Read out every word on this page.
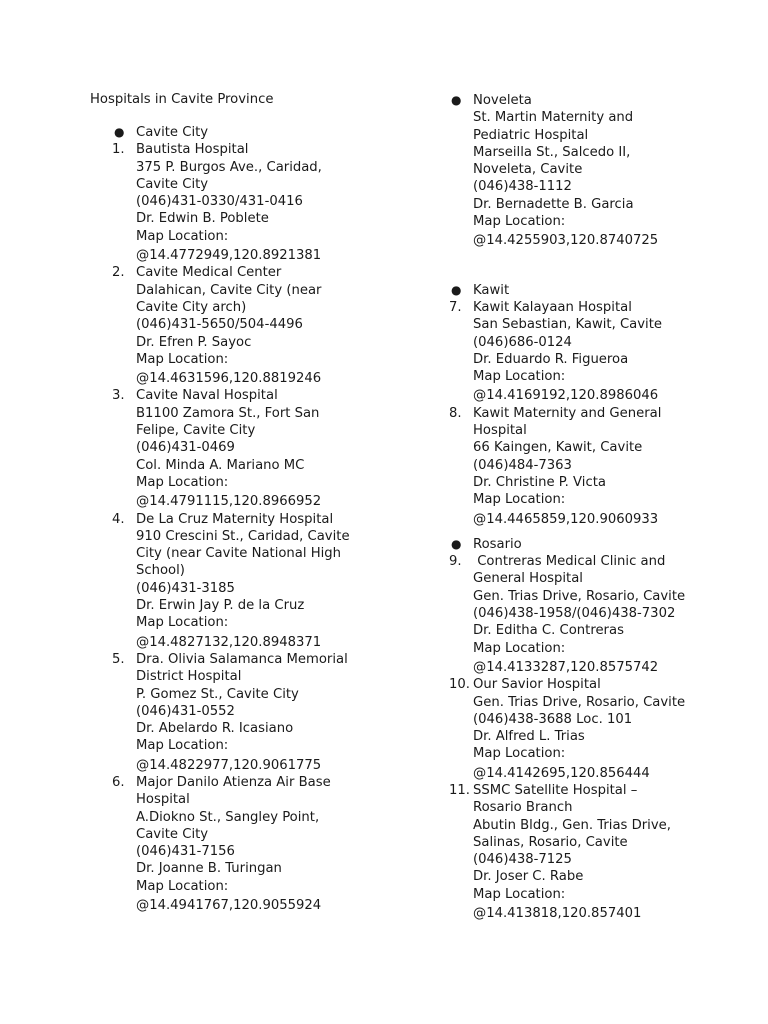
Hospitals in Cavite Province
● Cavite City
1. Bautista Hospital
375 P. Burgos Ave., Caridad,
Cavite City
(046)431-0330/431-0416
Dr. Edwin B. Poblete
Map Location:
@14.4772949,120.8921381
2. Cavite Medical Center
Dalahican, Cavite City (near
Cavite City arch)
(046)431-5650/504-4496
Dr. Efren P. Sayoc
Map Location:
@14.4631596,120.8819246
3. Cavite Naval Hospital
B1100 Zamora St., Fort San
Felipe, Cavite City
(046)431-0469
Col. Minda A. Mariano MC
Map Location:
@14.4791115,120.8966952
4. De La Cruz Maternity Hospital
910 Crescini St., Caridad, Cavite
City (near Cavite National High
School)
(046)431-3185
Dr. Erwin Jay P. de la Cruz
Map Location:
@14.4827132,120.8948371
5. Dra. Olivia Salamanca Memorial
District Hospital
P. Gomez St., Cavite City
(046)431-0552
Dr. Abelardo R. Icasiano
Map Location:
@14.4822977,120.9061775
6. Major Danilo Atienza Air Base
Hospital
A.Diokno St., Sangley Point,
Cavite City
(046)431-7156
Dr. Joanne B. Turingan
Map Location:
@14.4941767,120.9055924
● Noveleta
St. Martin Maternity and
Pediatric Hospital
Marseilla St., Salcedo II,
Noveleta, Cavite
(046)438-1112
Dr. Bernadette B. Garcia
Map Location:
@14.4255903,120.8740725
● Kawit
7. Kawit Kalayaan Hospital
San Sebastian, Kawit, Cavite
(046)686-0124
Dr. Eduardo R. Figueroa
Map Location:
@14.4169192,120.8986046
8. Kawit Maternity and General
Hospital
66 Kaingen, Kawit, Cavite
(046)484-7363
Dr. Christine P. Victa
Map Location:
@14.4465859,120.9060933
● Rosario
9. Contreras Medical Clinic and
General Hospital
Gen. Trias Drive, Rosario, Cavite
(046)438-1958/(046)438-7302
Dr. Editha C. Contreras
Map Location:
@14.4133287,120.8575742
10. Our Savior Hospital
Gen. Trias Drive, Rosario, Cavite
(046)438-3688 Loc. 101
Dr. Alfred L. Trias
Map Location:
@14.4142695,120.856444
11. SSMC Satellite Hospital –
Rosario Branch
Abutin Bldg., Gen. Trias Drive,
Salinas, Rosario, Cavite
(046)438-7125
Dr. Joser C. Rabe
Map Location:
@14.413818,120.857401
